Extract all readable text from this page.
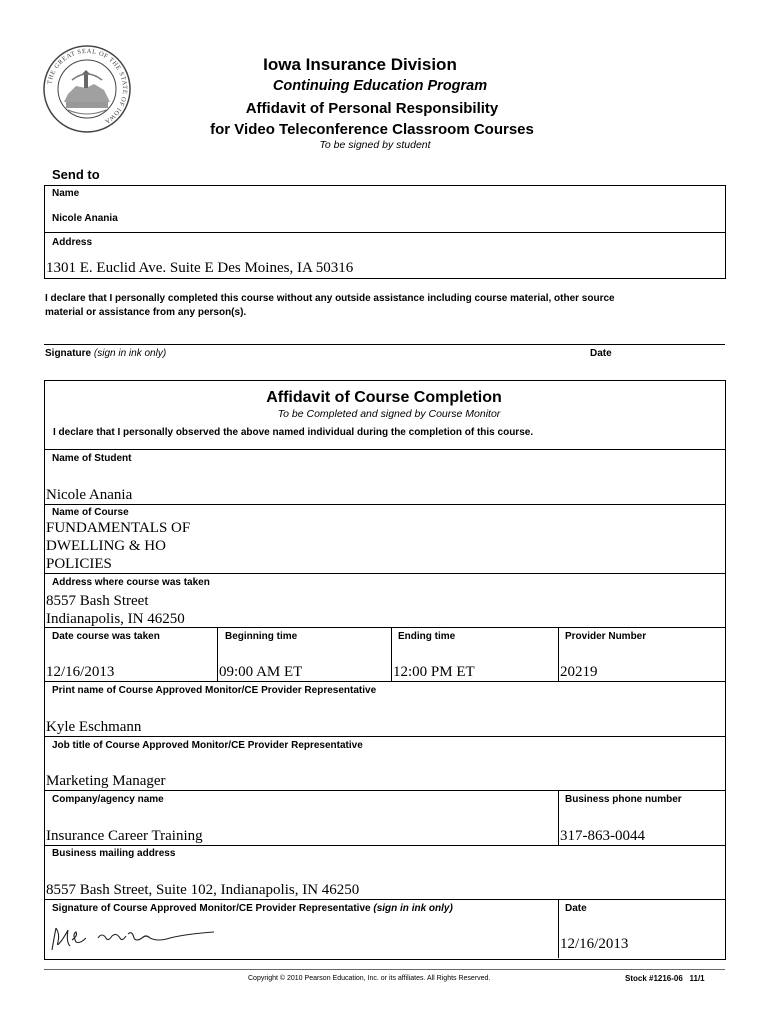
THE GREAT SEAL OF THE STATE OF IOWA
Iowa Insurance Division
Continuing Education Program
Affidavit of Personal Responsibility
for Video Teleconference Classroom Courses
To be signed by student
Send to
Name
Nicole Anania
Address
1301 E. Euclid Ave. Suite E Des Moines, IA 50316
I declare that I personally completed this course without any outside assistance including course material, other source
material or assistance from any person(s).
Signature (sign in ink only)	Date
Affidavit of Course Completion
To be Completed and signed by Course Monitor
I declare that I personally observed the above named individual during the completion of this course.
Name of Student
Nicole Anania
Name of Course
FUNDAMENTALS OF
DWELLING & HO
POLICIES
Address where course was taken
8557 Bash Street
Indianapolis, IN 46250
Date course was taken
12/16/2013
Beginning time
09:00 AM ET
Ending time
12:00 PM ET
Provider Number
20219
Print name of Course Approved Monitor/CE Provider Representative
Kyle Eschmann
Job title of Course Approved Monitor/CE Provider Representative
Marketing Manager
Company/agency name
Insurance Career Training
Business phone number
317-863-0044
Business mailing address
8557 Bash Street, Suite 102, Indianapolis, IN 46250
Signature of Course Approved Monitor/CE Provider Representative (sign in ink only)	Date
12/16/2013
Copyright © 2010 Pearson Education, Inc. or its affiliates. All Rights Reserved.	Stock #1216-06   11/1
